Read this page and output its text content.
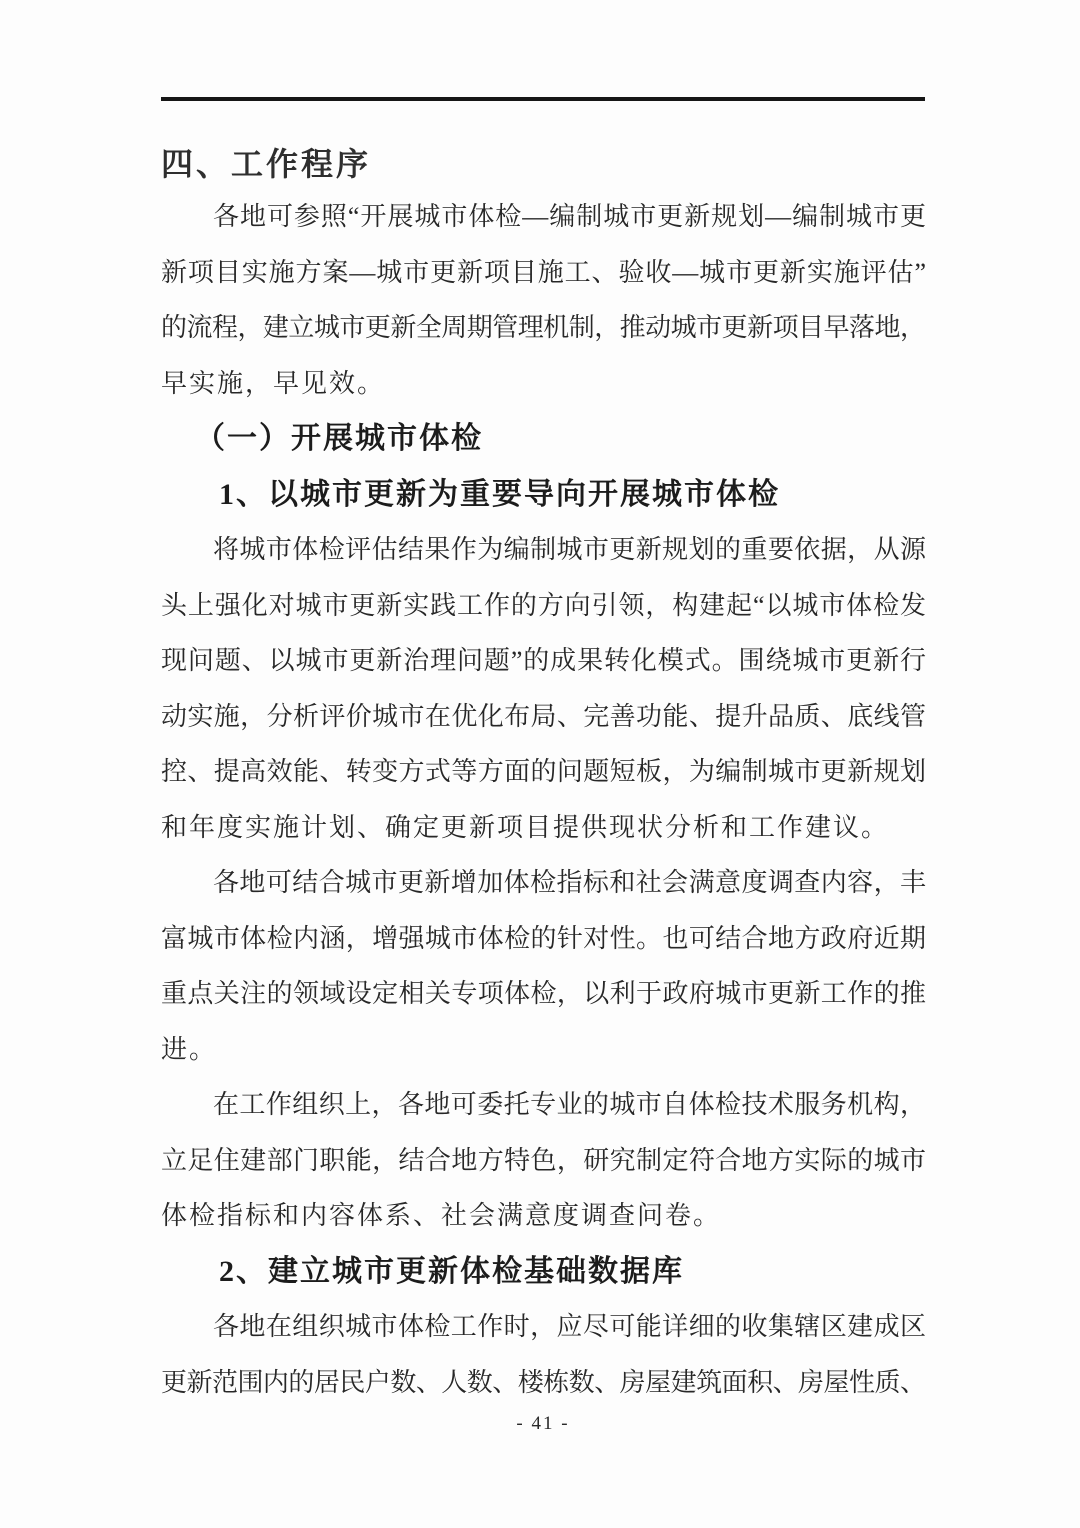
四、工作程序
各地可参照“开展城市体检—编制城市更新规划—编制城市更
新项目实施方案—城市更新项目施工、验收—城市更新实施评估”
的流程，建立城市更新全周期管理机制，推动城市更新项目早落地，
早实施，早见效。
（一）开展城市体检
1、以城市更新为重要导向开展城市体检
将城市体检评估结果作为编制城市更新规划的重要依据，从源
头上强化对城市更新实践工作的方向引领，构建起“以城市体检发
现问题、以城市更新治理问题”的成果转化模式。围绕城市更新行
动实施，分析评价城市在优化布局、完善功能、提升品质、底线管
控、提高效能、转变方式等方面的问题短板，为编制城市更新规划
和年度实施计划、确定更新项目提供现状分析和工作建议。
各地可结合城市更新增加体检指标和社会满意度调查内容，丰
富城市体检内涵，增强城市体检的针对性。也可结合地方政府近期
重点关注的领域设定相关专项体检，以利于政府城市更新工作的推
进。
在工作组织上，各地可委托专业的城市自体检技术服务机构，
立足住建部门职能，结合地方特色，研究制定符合地方实际的城市
体检指标和内容体系、社会满意度调查问卷。
2、建立城市更新体检基础数据库
各地在组织城市体检工作时，应尽可能详细的收集辖区建成区
更新范围内的居民户数、人数、楼栋数、房屋建筑面积、房屋性质、
- 41 -
